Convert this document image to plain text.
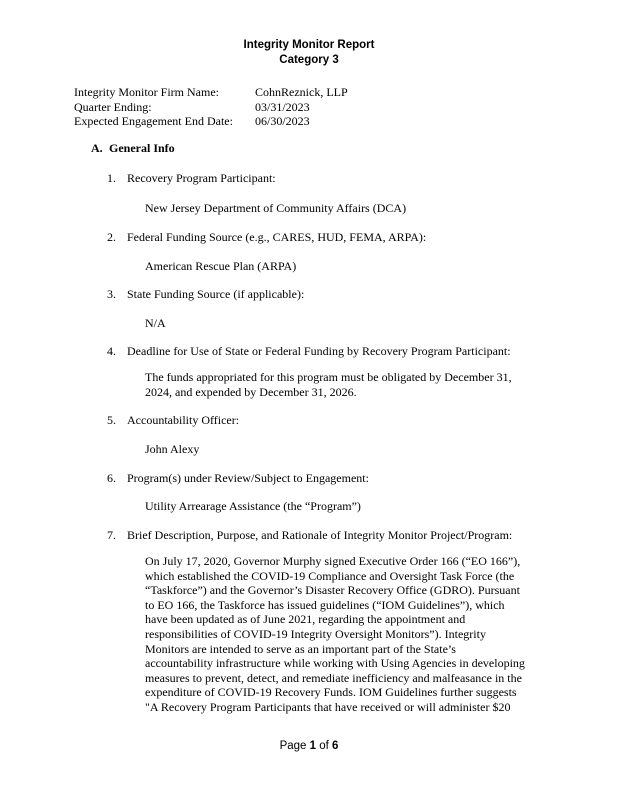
Integrity Monitor Report
Category 3
Integrity Monitor Firm Name:	CohnReznick, LLP
Quarter Ending:	03/31/2023
Expected Engagement End Date:	06/30/2023
A. General Info
1. Recovery Program Participant:
New Jersey Department of Community Affairs (DCA)
2. Federal Funding Source (e.g., CARES, HUD, FEMA, ARPA):
American Rescue Plan (ARPA)
3. State Funding Source (if applicable):
N/A
4. Deadline for Use of State or Federal Funding by Recovery Program Participant:
The funds appropriated for this program must be obligated by December 31,
2024, and expended by December 31, 2026.
5. Accountability Officer:
John Alexy
6. Program(s) under Review/Subject to Engagement:
Utility Arrearage Assistance (the “Program”)
7. Brief Description, Purpose, and Rationale of Integrity Monitor Project/Program:
On July 17, 2020, Governor Murphy signed Executive Order 166 (“EO 166”),
which established the COVID-19 Compliance and Oversight Task Force (the
“Taskforce”) and the Governor’s Disaster Recovery Office (GDRO). Pursuant
to EO 166, the Taskforce has issued guidelines (“IOM Guidelines”), which
have been updated as of June 2021, regarding the appointment and
responsibilities of COVID-19 Integrity Oversight Monitors”). Integrity
Monitors are intended to serve as an important part of the State’s
accountability infrastructure while working with Using Agencies in developing
measures to prevent, detect, and remediate inefficiency and malfeasance in the
expenditure of COVID-19 Recovery Funds. IOM Guidelines further suggests
"A Recovery Program Participants that have received or will administer $20
Page 1 of 6
